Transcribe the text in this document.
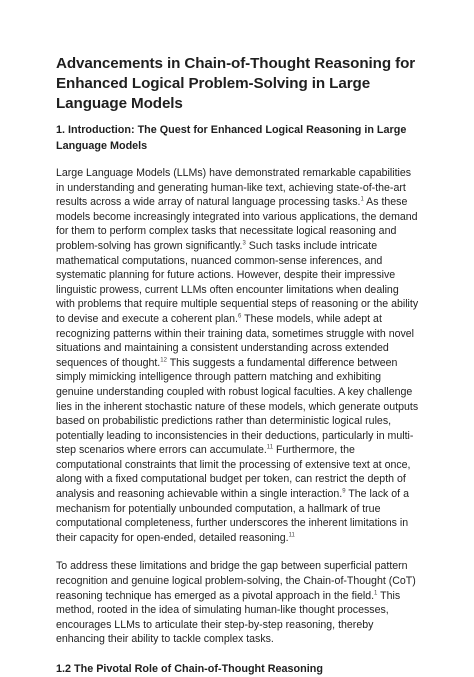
Advancements in Chain-of-Thought Reasoning for Enhanced Logical Problem-Solving in Large Language Models
1. Introduction: The Quest for Enhanced Logical Reasoning in Large Language Models

Large Language Models (LLMs) have demonstrated remarkable capabilities in understanding and generating human-like text, achieving state-of-the-art results across a wide array of natural language processing tasks.$^1$ As these models become increasingly integrated into various applications, the demand for them to perform complex tasks that necessitate logical reasoning and problem-solving has grown significantly.$^3$ Such tasks include intricate mathematical computations, nuanced common-sense inferences, and systematic planning for future actions. However, despite their impressive linguistic prowess, current LLMs often encounter limitations when dealing with problems that require multiple sequential steps of reasoning or the ability to devise and execute a coherent plan.$^6$ These models, while adept at recognizing patterns within their training data, sometimes struggle with novel situations and maintaining a consistent understanding across extended sequences of thought.$^{12}$ This suggests a fundamental difference between simply mimicking intelligence through pattern matching and exhibiting genuine understanding coupled with robust logical faculties. A key challenge lies in the inherent stochastic nature of these models, which generate outputs based on probabilistic predictions rather than deterministic logical rules, potentially leading to inconsistencies in their deductions, particularly in multi-step scenarios where errors can accumulate.$^{11}$ Furthermore, the computational constraints that limit the processing of extensive text at once, along with a fixed computational budget per token, can restrict the depth of analysis and reasoning achievable within a single interaction.$^9$ The lack of a mechanism for potentially unbounded computation, a hallmark of true computational completeness, further underscores the inherent limitations in their capacity for open-ended, detailed reasoning.$^{11}$

To address these limitations and bridge the gap between superficial pattern recognition and genuine logical problem-solving, the Chain-of-Thought (CoT) reasoning technique has emerged as a pivotal approach in the field.$^1$ This method, rooted in the idea of simulating human-like thought processes, encourages LLMs to articulate their step-by-step reasoning, thereby enhancing their ability to tackle complex tasks.

1.2 The Pivotal Role of Chain-of-Thought Reasoning
